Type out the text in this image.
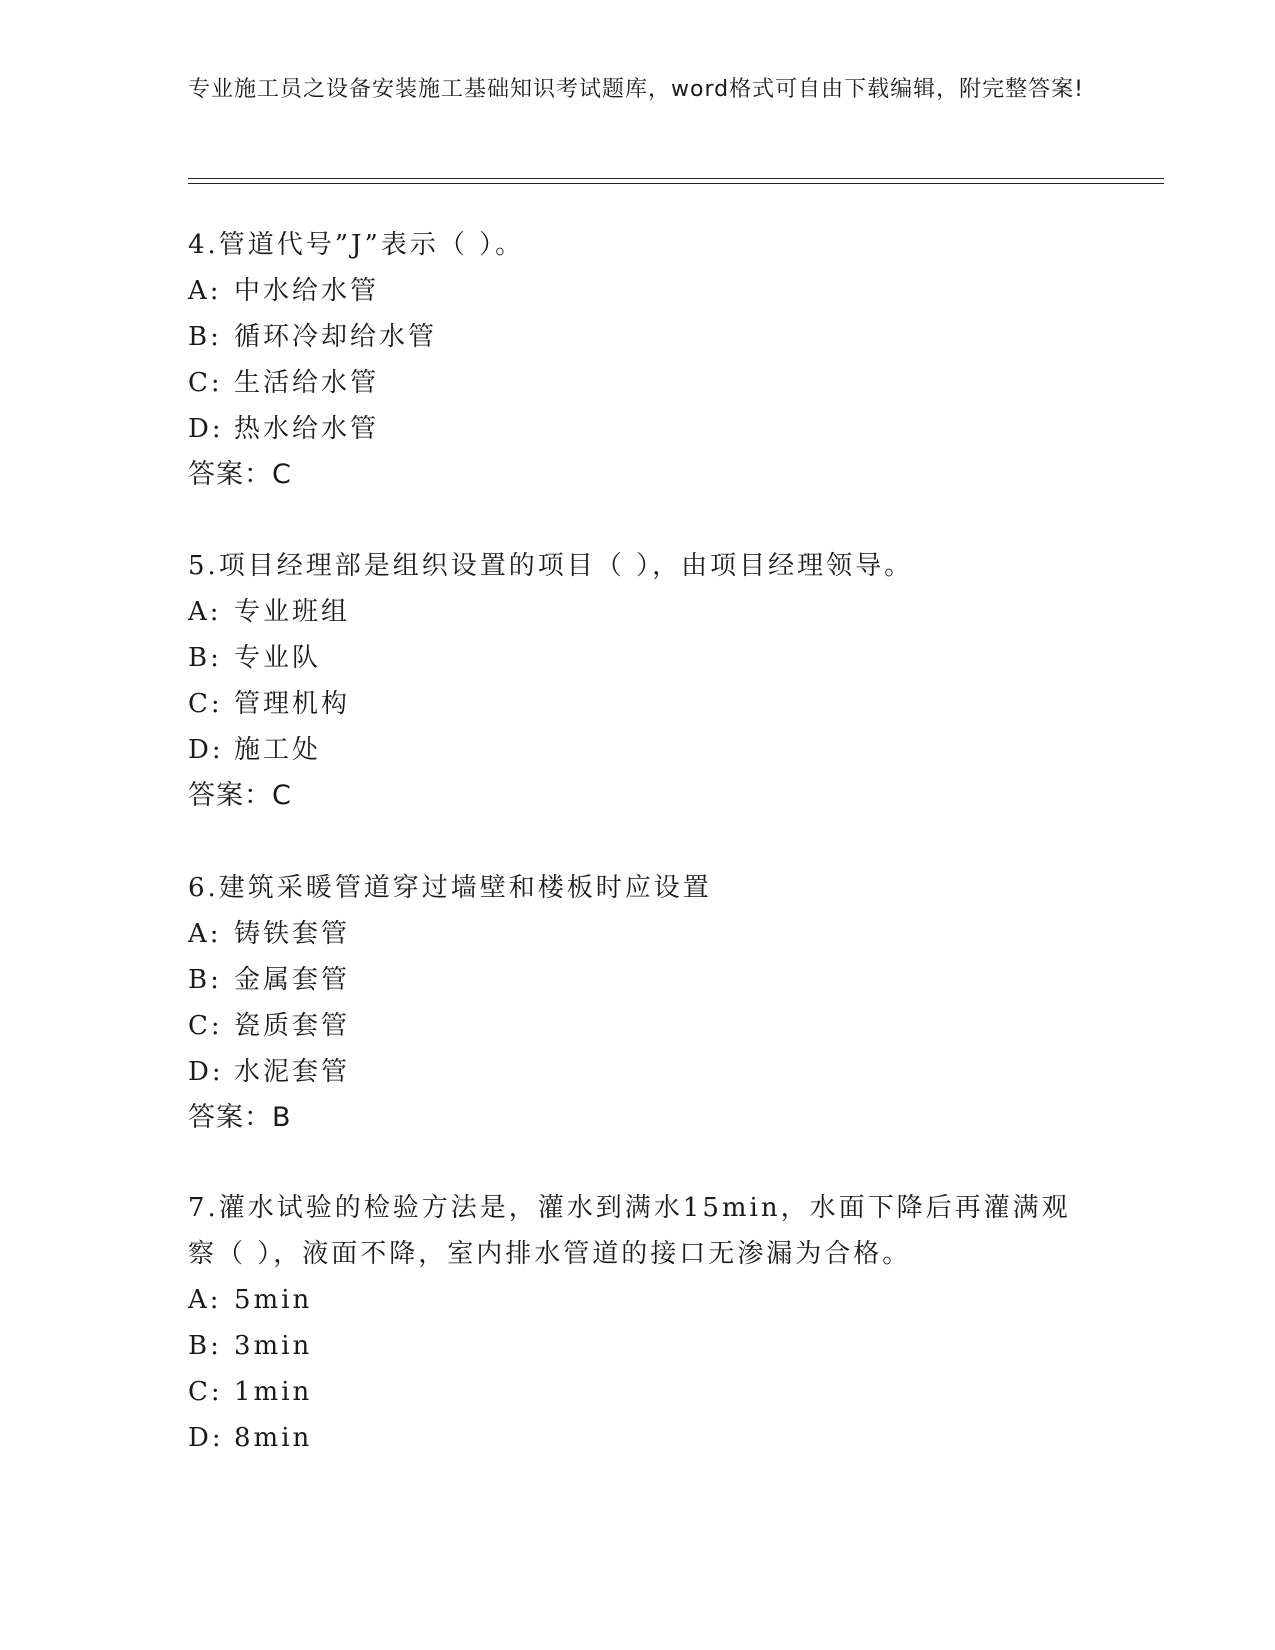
专业施工员之设备安装施工基础知识考试题库，word格式可自由下载编辑，附完整答案!
4.管道代号”J”表示（ ）。
A: 中水给水管
B: 循环冷却给水管
C: 生活给水管
D: 热水给水管
答案：C
5.项目经理部是组织设置的项目（ ），由项目经理领导。
A: 专业班组
B: 专业队
C: 管理机构
D: 施工处
答案：C
6.建筑采暖管道穿过墙壁和楼板时应设置
A: 铸铁套管
B: 金属套管
C: 瓷质套管
D: 水泥套管
答案：B
7.灌水试验的检验方法是，灌水到满水15min，水面下降后再灌满观察（ ），液面不降，室内排水管道的接口无渗漏为合格。
A: 5min
B: 3min
C: 1min
D: 8min
